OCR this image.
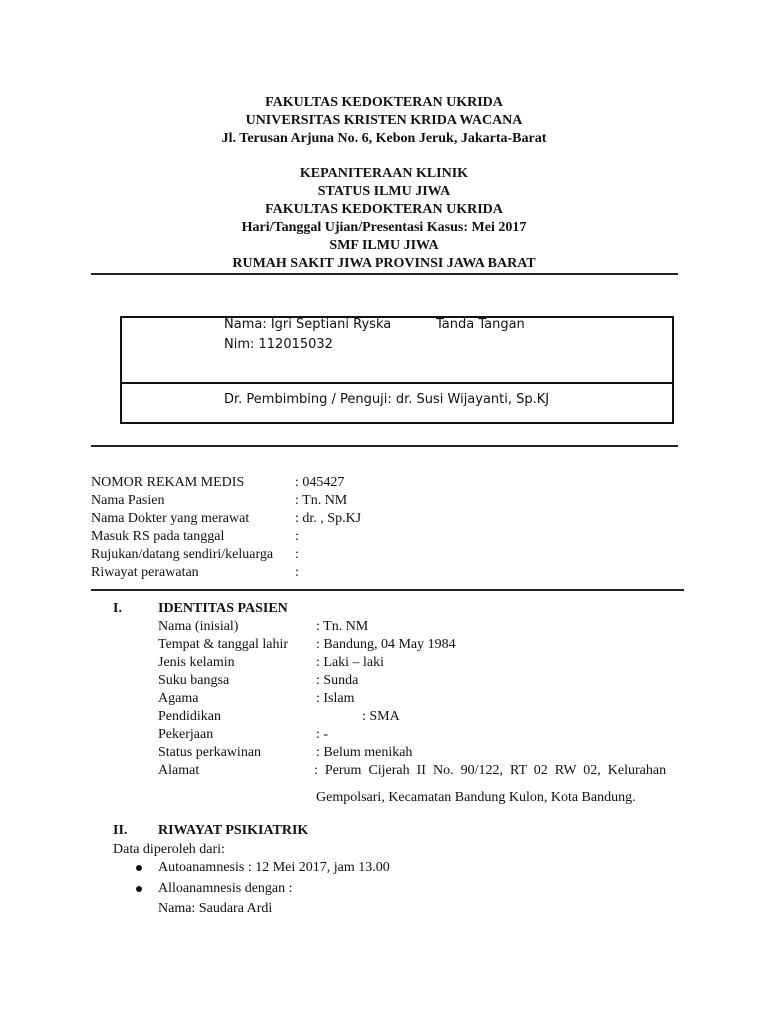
FAKULTAS KEDOKTERAN UKRIDA
UNIVERSITAS KRISTEN KRIDA WACANA
Jl. Terusan Arjuna No. 6, Kebon Jeruk, Jakarta-Barat
KEPANITERAAN KLINIK
STATUS ILMU JIWA
FAKULTAS KEDOKTERAN UKRIDA
Hari/Tanggal Ujian/Presentasi Kasus: Mei 2017
SMF ILMU JIWA
RUMAH SAKIT JIWA PROVINSI JAWA BARAT
Nama: Igri Septiani Ryska	Tanda Tangan
Nim: 112015032
Dr. Pembimbing / Penguji: dr. Susi Wijayanti, Sp.KJ
NOMOR REKAM MEDIS	: 045427
Nama Pasien	: Tn. NM
Nama Dokter yang merawat	: dr. , Sp.KJ
Masuk RS pada tanggal	:
Rujukan/datang sendiri/keluarga :
Riwayat perawatan	:
I.	IDENTITAS PASIEN
Nama (inisial)	: Tn. NM
Tempat & tanggal lahir : Bandung, 04 May 1984
Jenis kelamin	: Laki – laki
Suku bangsa	: Sunda
Agama	: Islam
Pendidikan	: SMA
Pekerjaan	: -
Status perkawinan	: Belum menikah
Alamat	:  Perum  Cijerah  II  No.  90/122,  RT  02  RW  02,  Kelurahan
Gempolsari, Kecamatan Bandung Kulon, Kota Bandung.
II. RIWAYAT PSIKIATRIK
Data diperoleh dari:
Autoanamnesis : 12 Mei 2017, jam 13.00
Alloanamnesis dengan :
Nama: Saudara Ardi
